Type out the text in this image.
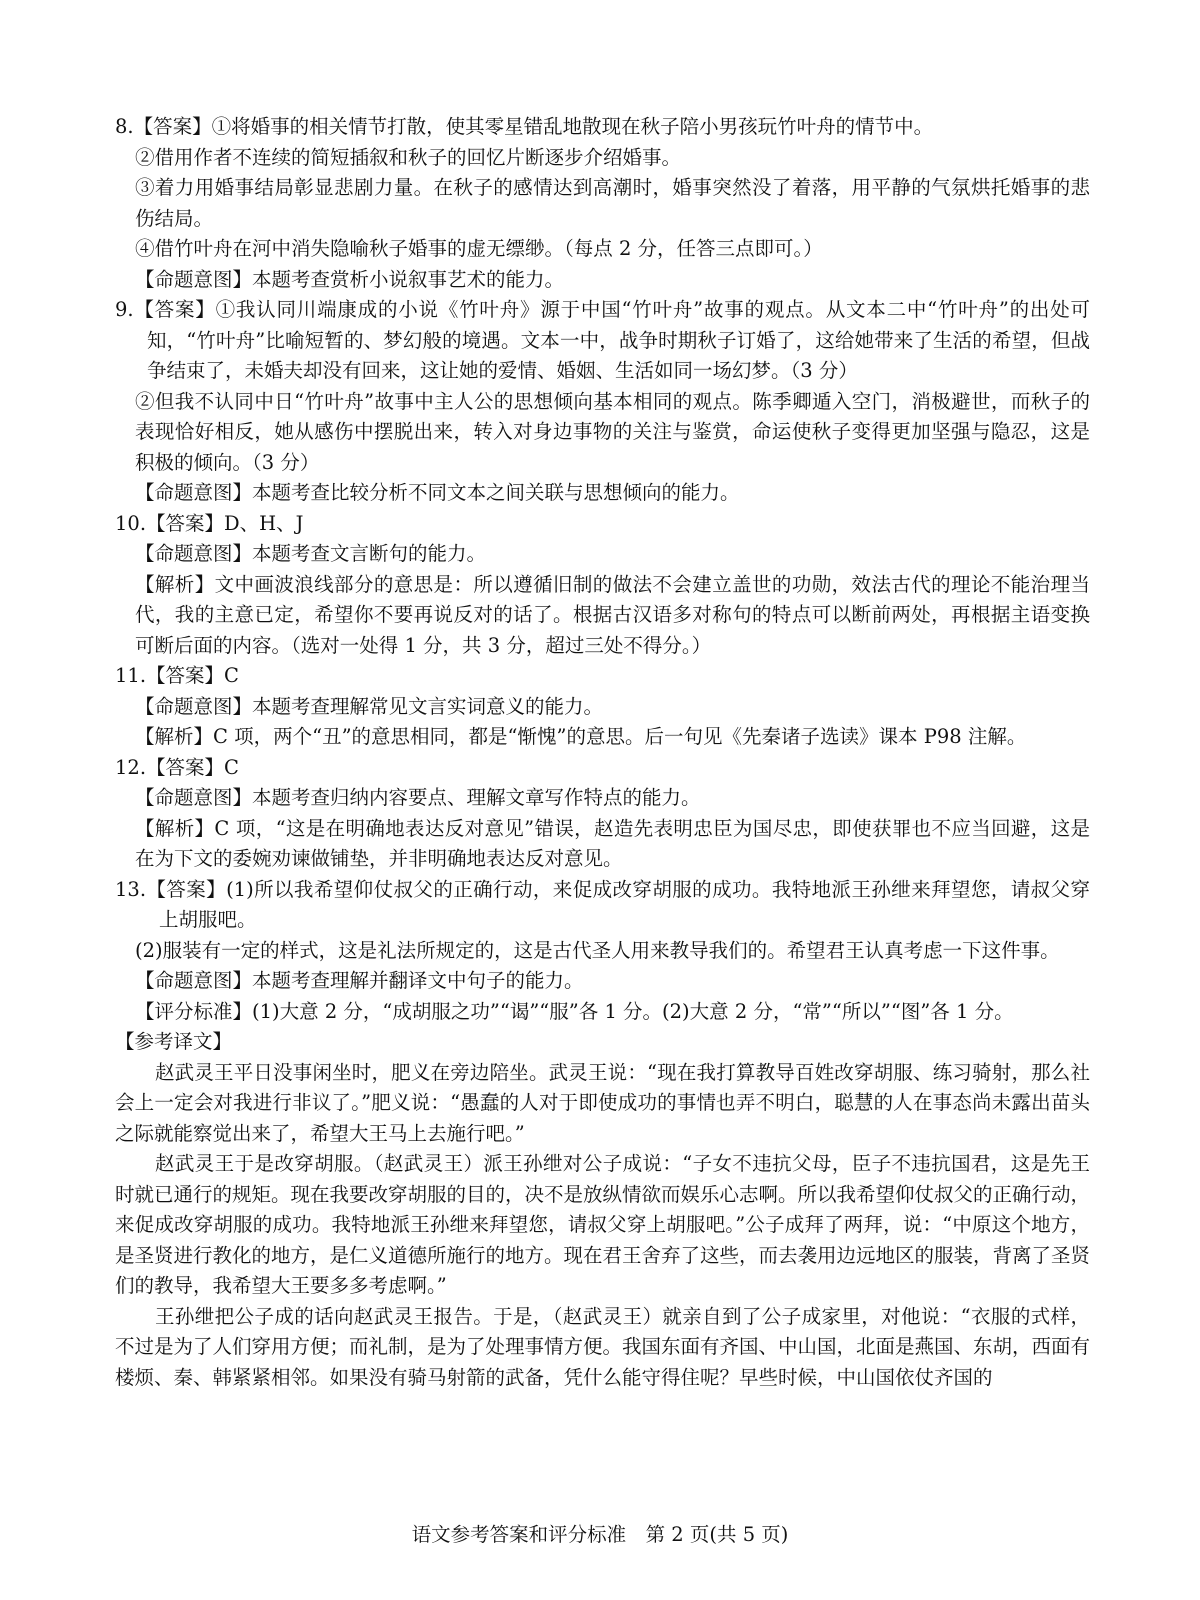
8.【答案】①将婚事的相关情节打散，使其零星错乱地散现在秋子陪小男孩玩竹叶舟的情节中。

②借用作者不连续的简短插叙和秋子的回忆片断逐步介绍婚事。

③着力用婚事结局彰显悲剧力量。在秋子的感情达到高潮时，婚事突然没了着落，用平静的气氛烘托婚事的悲伤结局。

④借竹叶舟在河中消失隐喻秋子婚事的虚无缥缈。（每点 2 分，任答三点即可。）

【命题意图】本题考查赏析小说叙事艺术的能力。

9.【答案】①我认同川端康成的小说《竹叶舟》源于中国“竹叶舟”故事的观点。从文本二中“竹叶舟”的出处可知，“竹叶舟”比喻短暂的、梦幻般的境遇。文本一中，战争时期秋子订婚了，这给她带来了生活的希望，但战争结束了，未婚夫却没有回来，这让她的爱情、婚姻、生活如同一场幻梦。（3 分）

②但我不认同中日“竹叶舟”故事中主人公的思想倾向基本相同的观点。陈季卿遁入空门，消极避世，而秋子的表现恰好相反，她从感伤中摆脱出来，转入对身边事物的关注与鉴赏，命运使秋子变得更加坚强与隐忍，这是积极的倾向。（3 分）

【命题意图】本题考查比较分析不同文本之间关联与思想倾向的能力。

10.【答案】D、H、J

【命题意图】本题考查文言断句的能力。

【解析】文中画波浪线部分的意思是：所以遵循旧制的做法不会建立盖世的功勋，效法古代的理论不能治理当代，我的主意已定，希望你不要再说反对的话了。根据古汉语多对称句的特点可以断前两处，再根据主语变换可断后面的内容。（选对一处得 1 分，共 3 分，超过三处不得分。）

11.【答案】C

【命题意图】本题考查理解常见文言实词意义的能力。

【解析】C 项，两个“丑”的意思相同，都是“惭愧”的意思。后一句见《先秦诸子选读》课本 P98 注解。

12.【答案】C

【命题意图】本题考查归纳内容要点、理解文章写作特点的能力。

【解析】C 项，“这是在明确地表达反对意见”错误，赵造先表明忠臣为国尽忠，即使获罪也不应当回避，这是在为下文的委婉劝谏做铺垫，并非明确地表达反对意见。

13.【答案】(1)所以我希望仰仗叔父的正确行动，来促成改穿胡服的成功。我特地派王孙绁来拜望您，请叔父穿上胡服吧。

(2)服装有一定的样式，这是礼法所规定的，这是古代圣人用来教导我们的。希望君王认真考虑一下这件事。

【命题意图】本题考查理解并翻译文中句子的能力。

【评分标准】(1)大意 2 分，“成胡服之功”“谒”“服”各 1 分。(2)大意 2 分，“常”“所以”“图”各 1 分。

【参考译文】

赵武灵王平日没事闲坐时，肥义在旁边陪坐。武灵王说：“现在我打算教导百姓改穿胡服、练习骑射，那么社会上一定会对我进行非议了。”肥义说：“愚蠢的人对于即使成功的事情也弄不明白，聪慧的人在事态尚未露出苗头之际就能察觉出来了，希望大王马上去施行吧。”

赵武灵王于是改穿胡服。（赵武灵王）派王孙绁对公子成说：“子女不违抗父母，臣子不违抗国君，这是先王时就已通行的规矩。现在我要改穿胡服的目的，决不是放纵情欲而娱乐心志啊。所以我希望仰仗叔父的正确行动，来促成改穿胡服的成功。我特地派王孙绁来拜望您，请叔父穿上胡服吧。”公子成拜了两拜，说：“中原这个地方，是圣贤进行教化的地方，是仁义道德所施行的地方。现在君王舍弃了这些，而去袭用边远地区的服装，背离了圣贤们的教导，我希望大王要多多考虑啊。”

王孙绁把公子成的话向赵武灵王报告。于是，（赵武灵王）就亲自到了公子成家里，对他说：“衣服的式样，不过是为了人们穿用方便；而礼制，是为了处理事情方便。我国东面有齐国、中山国，北面是燕国、东胡，西面有楼烦、秦、韩紧紧相邻。如果没有骑马射箭的武备，凭什么能守得住呢？早些时候，中山国依仗齐国的

语文参考答案和评分标准　第 2 页(共 5 页)
